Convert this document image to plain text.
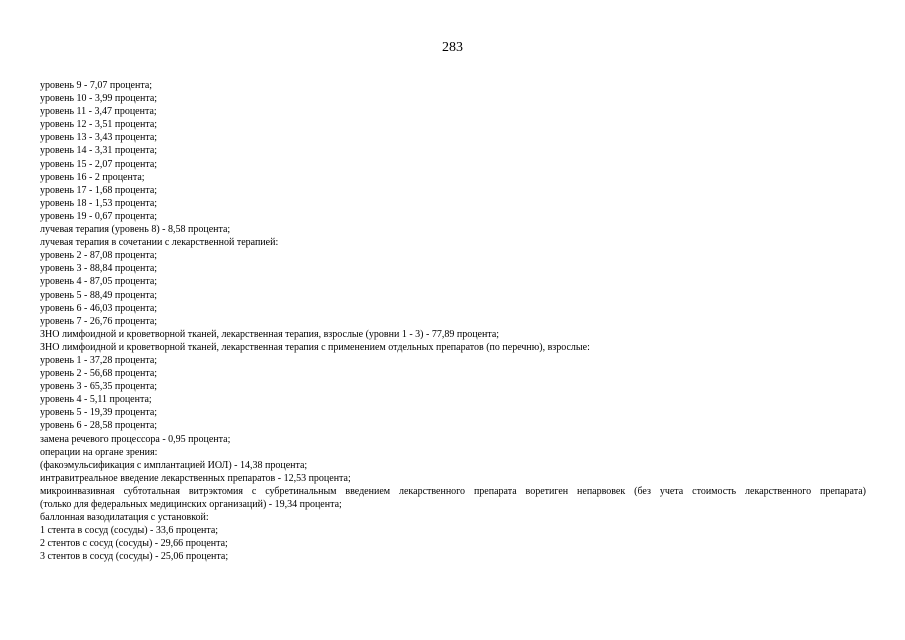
283
уровень 9 - 7,07 процента;
уровень 10 - 3,99 процента;
уровень 11 - 3,47 процента;
уровень 12 - 3,51 процента;
уровень 13 - 3,43 процента;
уровень 14 - 3,31 процента;
уровень 15 - 2,07 процента;
уровень 16 - 2 процента;
уровень 17 - 1,68 процента;
уровень 18 - 1,53 процента;
уровень 19 - 0,67 процента;
лучевая терапия (уровень 8) - 8,58 процента;
лучевая терапия в сочетании с лекарственной терапией:
уровень 2 - 87,08 процента;
уровень 3 - 88,84 процента;
уровень 4 - 87,05 процента;
уровень 5 - 88,49 процента;
уровень 6 - 46,03 процента;
уровень 7 - 26,76 процента;
ЗНО лимфоидной и кроветворной тканей, лекарственная терапия, взрослые (уровни 1 - 3) - 77,89 процента;
ЗНО лимфоидной и кроветворной тканей, лекарственная терапия с применением отдельных препаратов (по перечню), взрослые:
уровень 1 - 37,28 процента;
уровень 2 - 56,68 процента;
уровень 3 - 65,35 процента;
уровень 4 - 5,11 процента;
уровень 5 - 19,39 процента;
уровень 6 - 28,58 процента;
замена речевого процессора - 0,95 процента;
операции на органе зрения:
(факоэмульсификация с имплантацией ИОЛ) - 14,38 процента;
интравитреальное введение лекарственных препаратов - 12,53 процента;
микроинвазивная субтотальная витрэктомия с субретинальным введением лекарственного препарата воретиген непарвовек (без учета стоимость лекарственного препарата)
(только для федеральных медицинских организаций) - 19,34 процента;
баллонная вазодилатация с установкой:
1 стента в сосуд (сосуды) - 33,6 процента;
2 стентов с сосуд (сосуды) - 29,66 процента;
3 стентов в сосуд (сосуды) - 25,06 процента;
